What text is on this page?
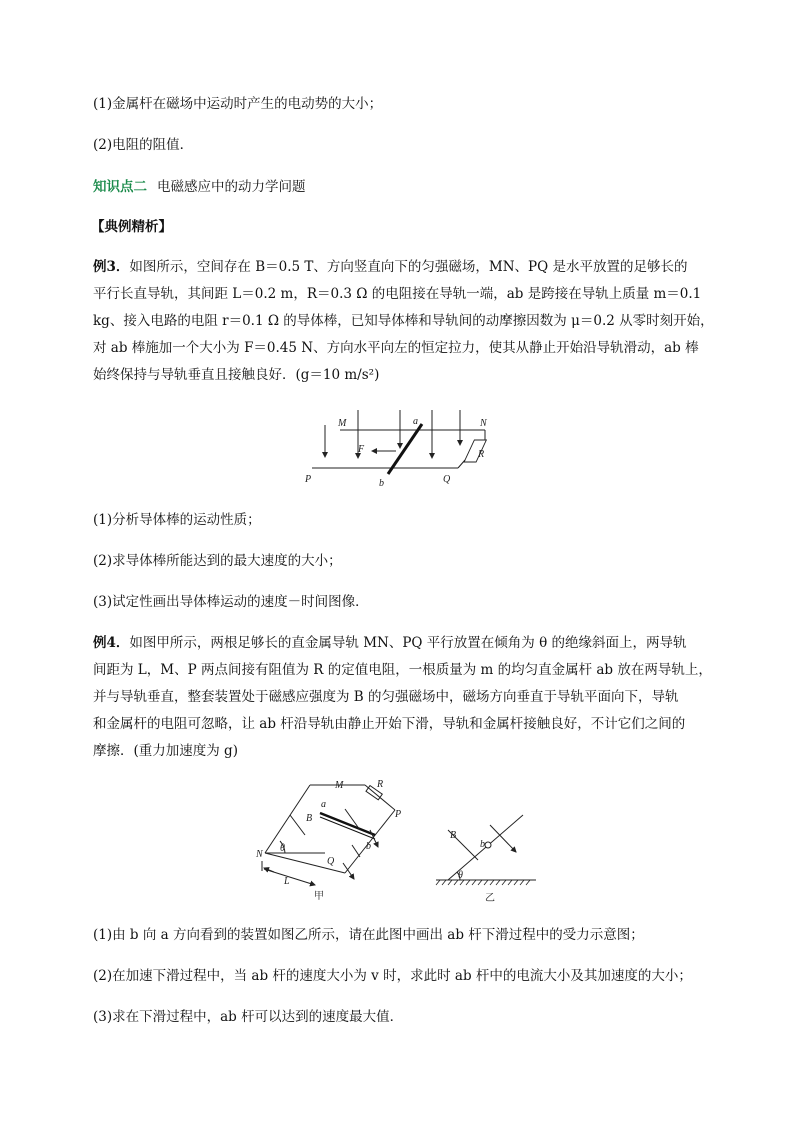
(1)金属杆在磁场中运动时产生的电动势的大小；
(2)电阻的阻值．
知识点二 电磁感应中的动力学问题
【典例精析】
例3．如图所示，空间存在 B＝0.5 T、方向竖直向下的匀强磁场，MN、PQ 是水平放置的足够长的
平行长直导轨，其间距 L＝0.2 m，R＝0.3 Ω 的电阻接在导轨一端，ab 是跨接在导轨上质量 m＝0.1
kg、接入电路的电阻 r＝0.1 Ω 的导体棒，已知导体棒和导轨间的动摩擦因数为 μ＝0.2 从零时刻开始，
对 ab 棒施加一个大小为 F＝0.45 N、方向水平向左的恒定拉力，使其从静止开始沿导轨滑动，ab 棒
始终保持与导轨垂直且接触良好．(g＝10 m/s²)
M	N
P	Q
a
b
F	R
(1)分析导体棒的运动性质；
(2)求导体棒所能达到的最大速度的大小；
(3)试定性画出导体棒运动的速度－时间图像．
例4．如图甲所示，两根足够长的直金属导轨 MN、PQ 平行放置在倾角为 θ 的绝缘斜面上，两导轨
间距为 L，M、P 两点间接有阻值为 R 的定值电阻，一根质量为 m 的均匀直金属杆 ab 放在两导轨上，
并与导轨垂直，整套装置处于磁感应强度为 B 的匀强磁场中，磁场方向垂直于导轨平面向下，导轨
和金属杆的电阻可忽略，让 ab 杆沿导轨由静止开始下滑，导轨和金属杆接触良好，不计它们之间的
摩擦．(重力加速度为 g)
M	R
P
a
b
B
N
Q
θ
L
甲
B
b
θ
乙
(1)由 b 向 a 方向看到的装置如图乙所示，请在此图中画出 ab 杆下滑过程中的受力示意图；
(2)在加速下滑过程中，当 ab 杆的速度大小为 v 时，求此时 ab 杆中的电流大小及其加速度的大小；
(3)求在下滑过程中，ab 杆可以达到的速度最大值．
